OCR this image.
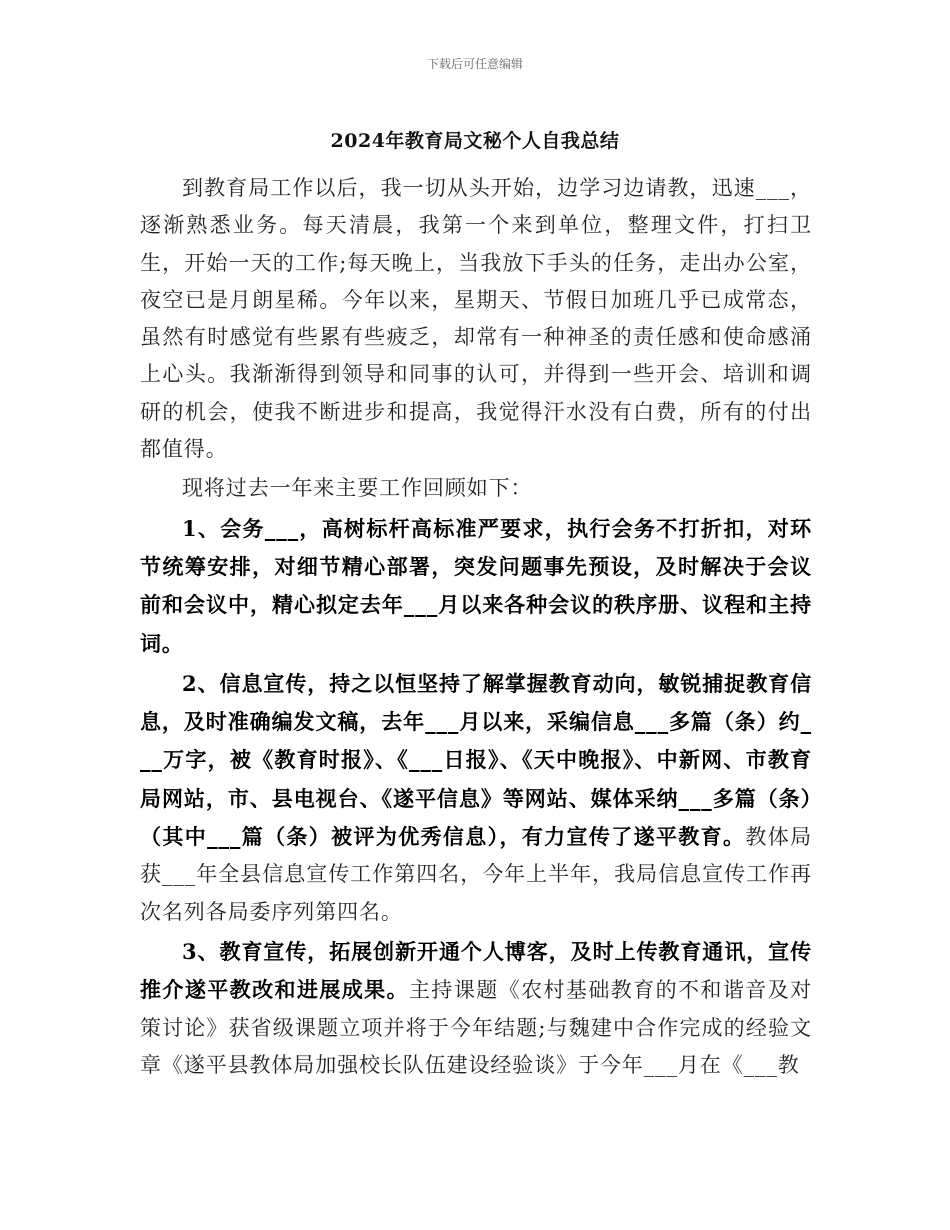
下载后可任意编辑
2024年教育局文秘个人自我总结

到教育局工作以后，我一切从头开始，边学习边请教，迅速___，逐渐熟悉业务。每天清晨，我第一个来到单位，整理文件，打扫卫生，开始一天的工作;每天晚上，当我放下手头的任务，走出办公室，夜空已是月朗星稀。今年以来，星期天、节假日加班几乎已成常态，虽然有时感觉有些累有些疲乏，却常有一种神圣的责任感和使命感涌上心头。我渐渐得到领导和同事的认可，并得到一些开会、培训和调研的机会，使我不断进步和提高，我觉得汗水没有白费，所有的付出都值得。

现将过去一年来主要工作回顾如下：

1、会务___，高树标杆高标准严要求，执行会务不打折扣，对环节统筹安排，对细节精心部署，突发问题事先预设，及时解决于会议前和会议中，精心拟定去年___月以来各种会议的秩序册、议程和主持词。

2、信息宣传，持之以恒坚持了解掌握教育动向，敏锐捕捉教育信息，及时准确编发文稿，去年___月以来，采编信息___多篇（条）约___万字，被《教育时报》、《___日报》、《天中晚报》、中新网、市教育局网站，市、县电视台、《遂平信息》等网站、媒体采纳___多篇（条）（其中___篇（条）被评为优秀信息），有力宣传了遂平教育。教体局获___年全县信息宣传工作第四名，今年上半年，我局信息宣传工作再次名列各局委序列第四名。

3、教育宣传，拓展创新开通个人博客，及时上传教育通讯，宣传推介遂平教改和进展成果。主持课题《农村基础教育的不和谐音及对策讨论》获省级课题立项并将于今年结题;与魏建中合作完成的经验文章《遂平县教体局加强校长队伍建设经验谈》于今年___月在《___教
